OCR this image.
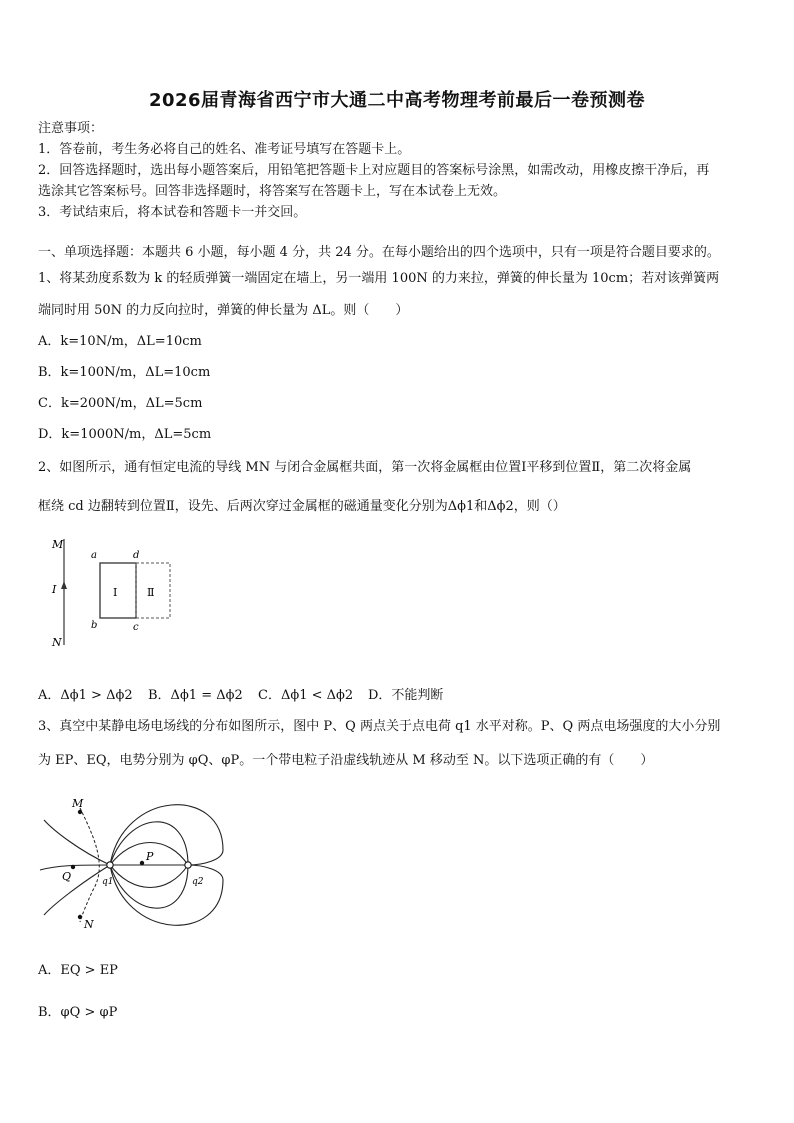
2026届青海省西宁市大通二中高考物理考前最后一卷预测卷
注意事项：
1．答卷前，考生务必将自己的姓名、准考证号填写在答题卡上。
2．回答选择题时，选出每小题答案后，用铅笔把答题卡上对应题目的答案标号涂黑，如需改动，用橡皮擦干净后，再
选涂其它答案标号。回答非选择题时，将答案写在答题卡上，写在本试卷上无效。
3．考试结束后，将本试卷和答题卡一并交回。
一、单项选择题：本题共 6 小题，每小题 4 分，共 24 分。在每小题给出的四个选项中，只有一项是符合题目要求的。
1、将某劲度系数为 k 的轻质弹簧一端固定在墙上，另一端用 100N 的力来拉，弹簧的伸长量为 10cm；若对该弹簧两
端同时用 50N 的力反向拉时，弹簧的伸长量为 ΔL。则（　　）
A．k=10N/m，ΔL=10cm
B．k=100N/m，ΔL=10cm
C．k=200N/m，ΔL=5cm
D．k=1000N/m，ΔL=5cm
2、如图所示，通有恒定电流的导线 MN 与闭合金属框共面，第一次将金属框由位置Ⅰ平移到位置Ⅱ，第二次将金属
框绕 cd 边翻转到位置Ⅱ，设先、后两次穿过金属框的磁通量变化分别为Δϕ1和Δϕ2，则（）
M
N
I
a	d
b	c
Ⅰ	Ⅱ
A．Δϕ1 > Δϕ2 B．Δϕ1 = Δϕ2 C．Δϕ1 < Δϕ2 D．不能判断
3、真空中某静电场电场线的分布如图所示，图中 P、Q 两点关于点电荷 q1 水平对称。P、Q 两点电场强度的大小分别
为 EP、EQ，电势分别为 φQ、φP。一个带电粒子沿虚线轨迹从 M 移动至 N。以下选项正确的有（　　）
M
N
Q
P
q1	q2
A．EQ > EP
B．φQ > φP
